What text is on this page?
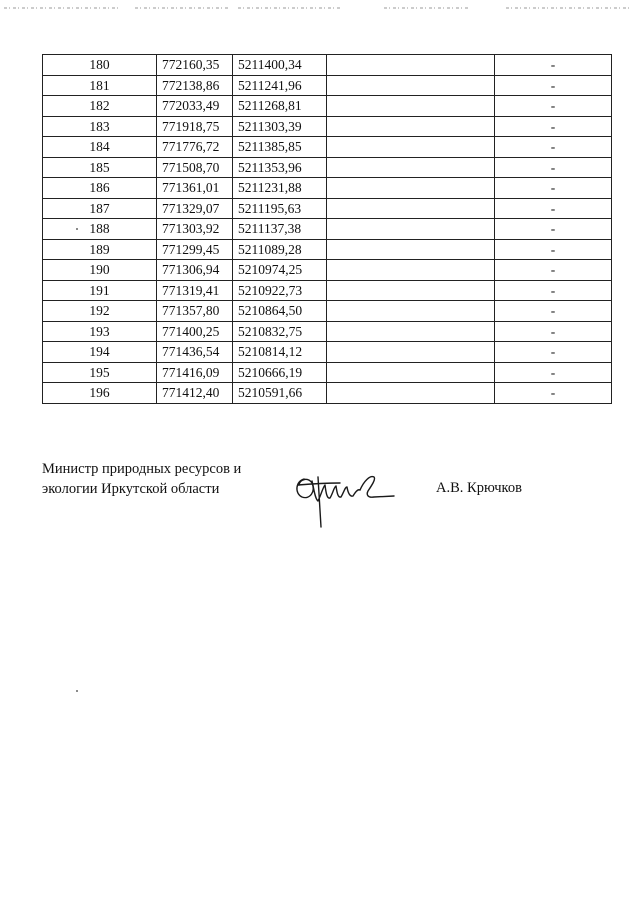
180	772160,35	5211400,34		-
181	772138,86	5211241,96		-
182	772033,49	5211268,81		-
183	771918,75	5211303,39		-
184	771776,72	5211385,85		-
185	771508,70	5211353,96		-
186	771361,01	5211231,88		-
187	771329,07	5211195,63		-
188	771303,92	5211137,38		-
189	771299,45	5211089,28		-
190	771306,94	5210974,25		-
191	771319,41	5210922,73		-
192	771357,80	5210864,50		-
193	771400,25	5210832,75		-
194	771436,54	5210814,12		-
195	771416,09	5210666,19		-
196	771412,40	5210591,66		-
Министр природных ресурсов и
экологии Иркутской области	А.В. Крючков
